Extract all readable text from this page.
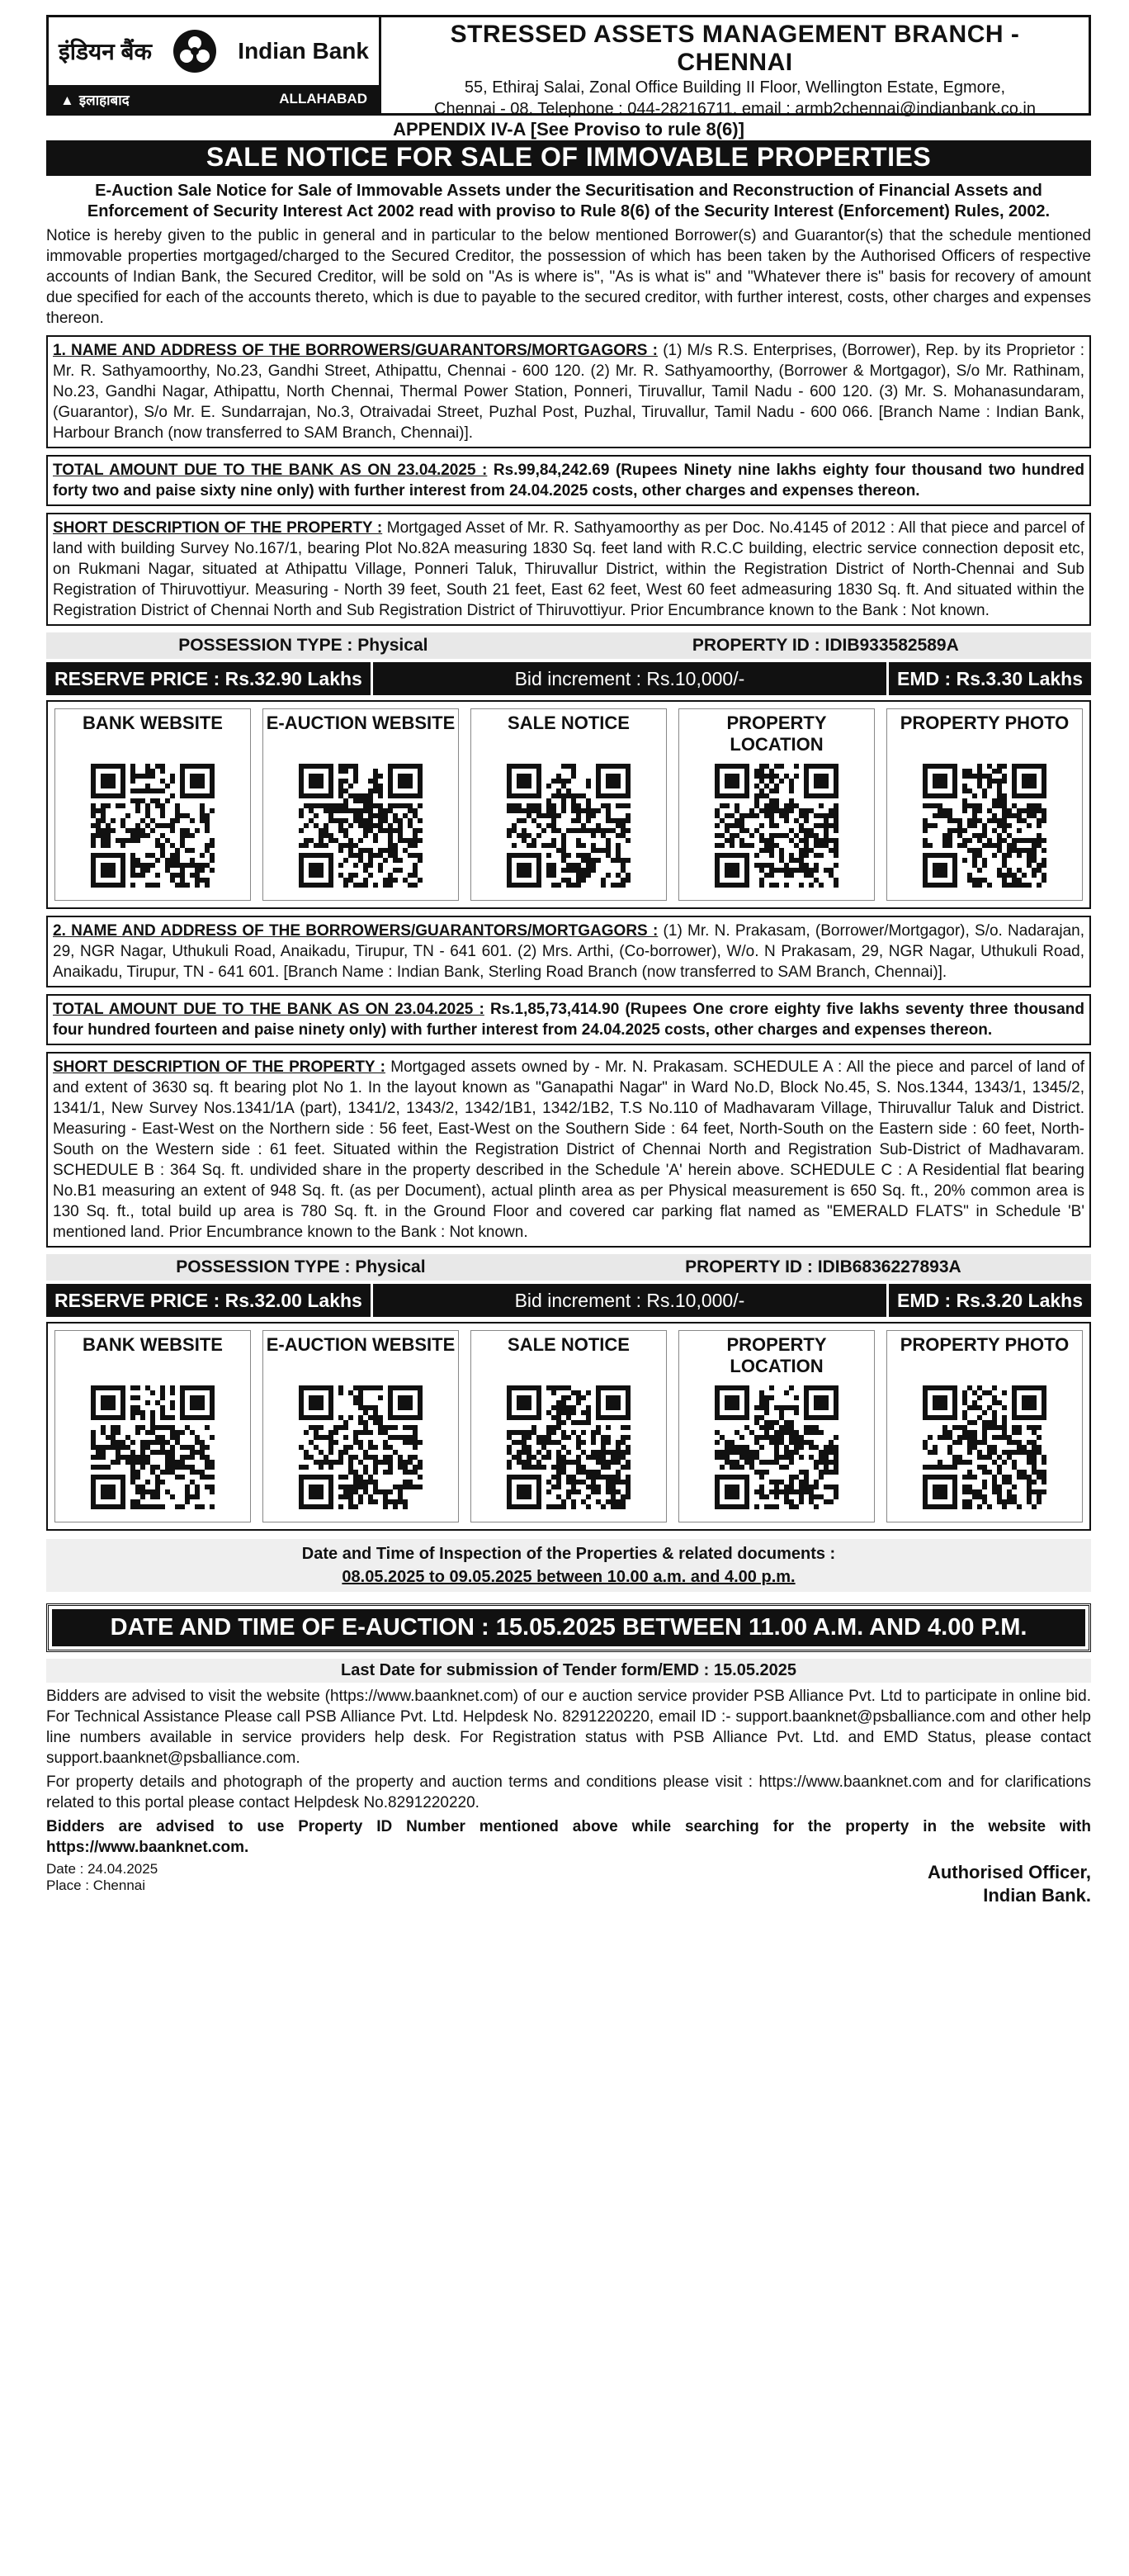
इंडियन बैंक	Indian Bank
▲ इलाहाबाद	ALLAHABAD
STRESSED ASSETS MANAGEMENT BRANCH - CHENNAI
55, Ethiraj Salai, Zonal Office Building II Floor, Wellington Estate, Egmore,
Chennai - 08. Telephone : 044-28216711. email : armb2chennai@indianbank.co.in
APPENDIX IV-A [See Proviso to rule 8(6)]
SALE NOTICE FOR SALE OF IMMOVABLE PROPERTIES
E-Auction Sale Notice for Sale of Immovable Assets under the Securitisation and Reconstruction of Financial Assets and Enforcement of Security Interest Act 2002 read with proviso to Rule 8(6) of the Security Interest (Enforcement) Rules, 2002.

Notice is hereby given to the public in general and in particular to the below mentioned Borrower(s) and Guarantor(s) that the schedule mentioned immovable properties mortgaged/charged to the Secured Creditor, the possession of which has been taken by the Authorised Officers of respective accounts of Indian Bank, the Secured Creditor, will be sold on "As is where is", "As is what is" and "Whatever there is" basis for recovery of amount due specified for each of the accounts thereto, which is due to payable to the secured creditor, with further interest, costs, other charges and expenses thereon.

1. NAME AND ADDRESS OF THE BORROWERS/GUARANTORS/MORTGAGORS : (1) M/s R.S. Enterprises, (Borrower), Rep. by its Proprietor : Mr. R. Sathyamoorthy, No.23, Gandhi Street, Athipattu, Chennai - 600 120. (2) Mr. R. Sathyamoorthy, (Borrower & Mortgagor), S/o Mr. Rathinam, No.23, Gandhi Nagar, Athipattu, North Chennai, Thermal Power Station, Ponneri, Tiruvallur, Tamil Nadu - 600 120. (3) Mr. S. Mohanasundaram, (Guarantor), S/o Mr. E. Sundarrajan, No.3, Otraivadai Street, Puzhal Post, Puzhal, Tiruvallur, Tamil Nadu - 600 066. [Branch Name : Indian Bank, Harbour Branch (now transferred to SAM Branch, Chennai)].
TOTAL AMOUNT DUE TO THE BANK AS ON 23.04.2025 : Rs.99,84,242.69 (Rupees Ninety nine lakhs eighty four thousand two hundred forty two and paise sixty nine only) with further interest from 24.04.2025 costs, other charges and expenses thereon.
SHORT DESCRIPTION OF THE PROPERTY : Mortgaged Asset of Mr. R. Sathyamoorthy as per Doc. No.4145 of 2012 : All that piece and parcel of land with building Survey No.167/1, bearing Plot No.82A measuring 1830 Sq. feet land with R.C.C building, electric service connection deposit etc, on Rukmani Nagar, situated at Athipattu Village, Ponneri Taluk, Thiruvallur District, within the Registration District of North-Chennai and Sub Registration of Thiruvottiyur. Measuring - North 39 feet, South 21 feet, East 62 feet, West 60 feet admeasuring 1830 Sq. ft. And situated within the Registration District of Chennai North and Sub Registration District of Thiruvottiyur. Prior Encumbrance known to the Bank : Not known.
POSSESSION TYPE : Physical	PROPERTY ID : IDIB933582589A
RESERVE PRICE : Rs.32.90 Lakhs	Bid increment : Rs.10,000/-	EMD : Rs.3.30 Lakhs
BANK WEBSITE	E-AUCTION WEBSITE	SALE NOTICE	PROPERTY LOCATION
PROPERTY PHOTO
2. NAME AND ADDRESS OF THE BORROWERS/GUARANTORS/MORTGAGORS : (1) Mr. N. Prakasam, (Borrower/Mortgagor), S/o. Nadarajan, 29, NGR Nagar, Uthukuli Road, Anaikadu, Tirupur, TN - 641 601. (2) Mrs. Arthi, (Co-borrower), W/o. N Prakasam, 29, NGR Nagar, Uthukuli Road, Anaikadu, Tirupur, TN - 641 601. [Branch Name : Indian Bank, Sterling Road Branch (now transferred to SAM Branch, Chennai)].
TOTAL AMOUNT DUE TO THE BANK AS ON 23.04.2025 : Rs.1,85,73,414.90 (Rupees One crore eighty five lakhs seventy three thousand four hundred fourteen and paise ninety only) with further interest from 24.04.2025 costs, other charges and expenses thereon.
SHORT DESCRIPTION OF THE PROPERTY : Mortgaged assets owned by - Mr. N. Prakasam. SCHEDULE A : All the piece and parcel of land of and extent of 3630 sq. ft bearing plot No 1. In the layout known as "Ganapathi Nagar" in Ward No.D, Block No.45, S. Nos.1344, 1343/1, 1345/2, 1341/1, New Survey Nos.1341/1A (part), 1341/2, 1343/2, 1342/1B1, 1342/1B2, T.S No.110 of Madhavaram Village, Thiruvallur Taluk and District. Measuring - East-West on the Northern side : 56 feet, East-West on the Southern Side : 64 feet, North-South on the Eastern side : 60 feet, North-South on the Western side : 61 feet. Situated within the Registration District of Chennai North and Registration Sub-District of Madhavaram. SCHEDULE B : 364 Sq. ft. undivided share in the property described in the Schedule 'A' herein above. SCHEDULE C : A Residential flat bearing No.B1 measuring an extent of 948 Sq. ft. (as per Document), actual plinth area as per Physical measurement is 650 Sq. ft., 20% common area is 130 Sq. ft., total build up area is 780 Sq. ft. in the Ground Floor and covered car parking flat named as "EMERALD FLATS" in Schedule 'B' mentioned land. Prior Encumbrance known to the Bank : Not known.
POSSESSION TYPE : Physical	PROPERTY ID : IDIB6836227893A
RESERVE PRICE : Rs.32.00 Lakhs	Bid increment : Rs.10,000/-	EMD : Rs.3.20 Lakhs
BANK WEBSITE	E-AUCTION WEBSITE	SALE NOTICE	PROPERTY LOCATION
PROPERTY PHOTO
Date and Time of Inspection of the Properties & related documents :
08.05.2025 to 09.05.2025 between 10.00 a.m. and 4.00 p.m.
DATE AND TIME OF E-AUCTION : 15.05.2025 BETWEEN 11.00 A.M. AND 4.00 P.M.
Last Date for submission of Tender form/EMD : 15.05.2025

Bidders are advised to visit the website (https://www.baanknet.com) of our e auction service provider PSB Alliance Pvt. Ltd to participate in online bid. For Technical Assistance Please call PSB Alliance Pvt. Ltd. Helpdesk No. 8291220220, email ID :- support.baanknet@psballiance.com and other help line numbers available in service providers help desk. For Registration status with PSB Alliance Pvt. Ltd. and EMD Status, please contact support.baanknet@psballiance.com.

For property details and photograph of the property and auction terms and conditions please visit : https://www.baanknet.com and for clarifications related to this portal please contact Helpdesk No.8291220220.

Bidders are advised to use Property ID Number mentioned above while searching for the property in the website with https://www.baanknet.com.

Date : 24.04.2025
Place : Chennai
Authorised Officer,
Indian Bank.
